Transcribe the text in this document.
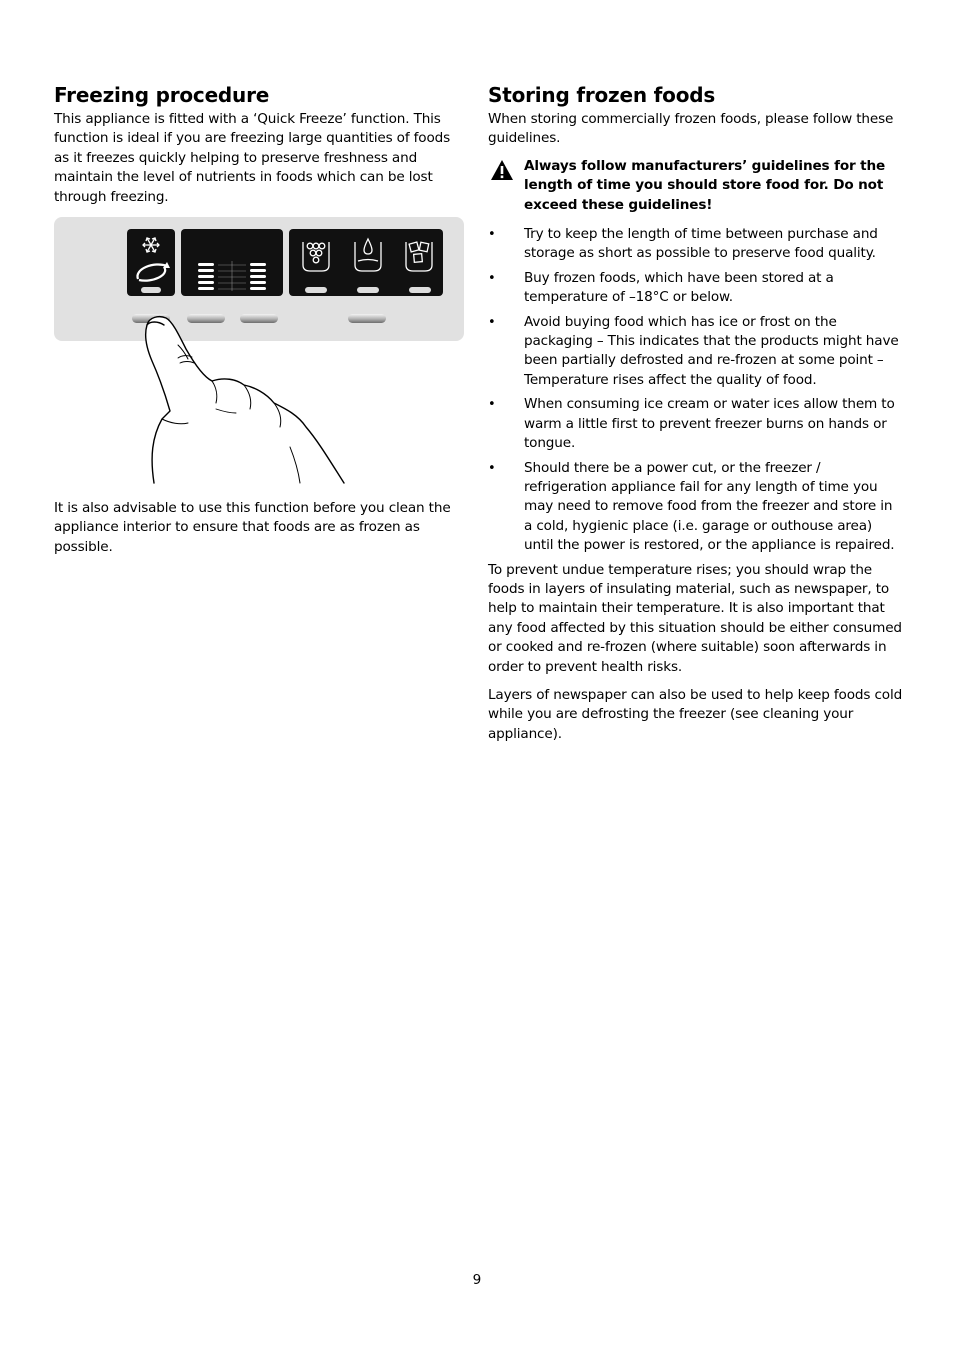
Freezing procedure

This appliance is fitted with a ‘Quick Freeze’ function. This function is ideal if you are freezing large quantities of foods as it freezes quickly helping to preserve freshness and maintain the level of nutrients in foods which can be lost through freezing.

It is also advisable to use this function before you clean the appliance interior to ensure that foods are as frozen as possible.

Storing frozen foods

When storing commercially frozen foods, please follow these guidelines.

Always follow manufacturers’ guidelines for the length of time you should store food for. Do not exceed these guidelines!

• Try to keep the length of time between purchase and storage as short as possible to preserve food quality.

• Buy frozen foods, which have been stored at a temperature of –18°C or below.

• Avoid buying food which has ice or frost on the packaging – This indicates that the products might have been partially defrosted and re-frozen at some point – Temperature rises affect the quality of food.

• When consuming ice cream or water ices allow them to warm a little first to prevent freezer burns on hands or tongue.

• Should there be a power cut, or the freezer / refrigeration appliance fail for any length of time you may need to remove food from the freezer and store in a cold, hygienic place (i.e. garage or outhouse area) until the power is restored, or the appliance is repaired.

To prevent undue temperature rises; you should wrap the foods in layers of insulating material, such as newspaper, to help to maintain their temperature. It is also important that any food affected by this situation should be either consumed or cooked and re-frozen (where suitable) soon afterwards in order to prevent health risks.

Layers of newspaper can also be used to help keep foods cold while you are defrosting the freezer (see cleaning your appliance).

9
